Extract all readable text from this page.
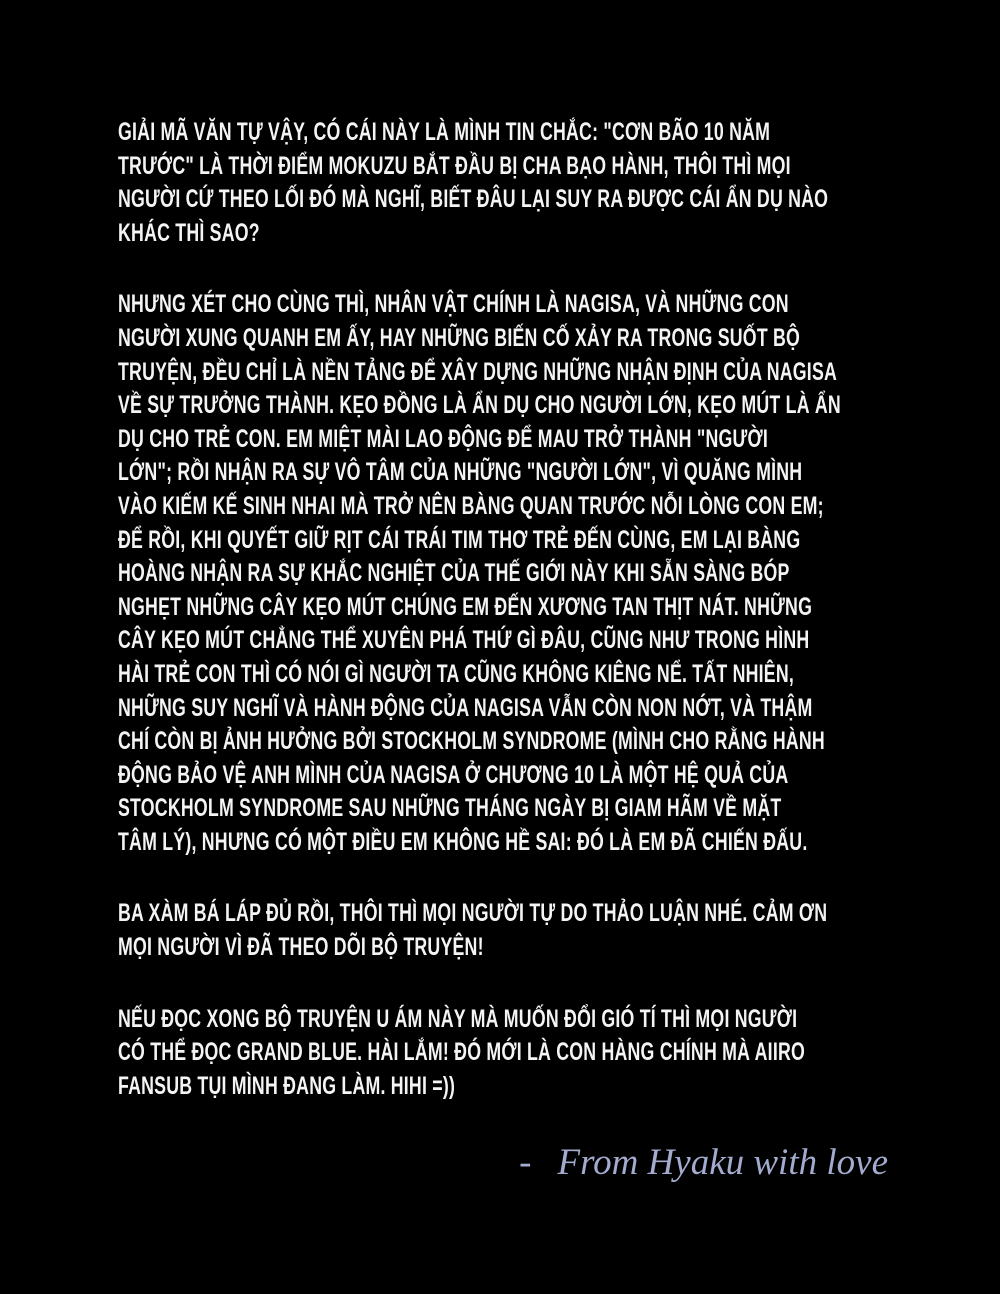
GIẢI MÃ VĂN TỰ VẬY, CÓ CÁI NÀY LÀ MÌNH TIN CHẮC: "CƠN BÃO 10 NĂM
TRƯỚC" LÀ THỜI ĐIỂM MOKUZU BẮT ĐẦU BỊ CHA BẠO HÀNH, THÔI THÌ MỌI
NGƯỜI CỨ THEO LỐI ĐÓ MÀ NGHĨ, BIẾT ĐÂU LẠI SUY RA ĐƯỢC CÁI ẨN DỤ NÀO
KHÁC THÌ SAO?
NHƯNG XÉT CHO CÙNG THÌ, NHÂN VẬT CHÍNH LÀ NAGISA, VÀ NHỮNG CON
NGƯỜI XUNG QUANH EM ẤY, HAY NHỮNG BIẾN CỐ XẢY RA TRONG SUỐT BỘ
TRUYỆN, ĐỀU CHỈ LÀ NỀN TẢNG ĐỂ XÂY DỰNG NHỮNG NHẬN ĐỊNH CỦA NAGISA
VỀ SỰ TRƯỞNG THÀNH. KẸO ĐỒNG LÀ ẨN DỤ CHO NGƯỜI LỚN, KẸO MÚT LÀ ẨN
DỤ CHO TRẺ CON. EM MIỆT MÀI LAO ĐỘNG ĐỂ MAU TRỞ THÀNH "NGƯỜI
LỚN"; RỒI NHẬN RA SỰ VÔ TÂM CỦA NHỮNG "NGƯỜI LỚN", VÌ QUĂNG MÌNH
VÀO KIẾM KẾ SINH NHAI MÀ TRỞ NÊN BÀNG QUAN TRƯỚC NỖI LÒNG CON EM;
ĐỂ RỒI, KHI QUYẾT GIỮ RỊT CÁI TRÁI TIM THƠ TRẺ ĐẾN CÙNG, EM LẠI BÀNG
HOÀNG NHẬN RA SỰ KHẮC NGHIỆT CỦA THẾ GIỚI NÀY KHI SẴN SÀNG BÓP
NGHẸT NHỮNG CÂY KẸO MÚT CHÚNG EM ĐẾN XƯƠNG TAN THỊT NÁT. NHỮNG
CÂY KẸO MÚT CHẲNG THỂ XUYÊN PHÁ THỨ GÌ ĐÂU, CŨNG NHƯ TRONG HÌNH
HÀI TRẺ CON THÌ CÓ NÓI GÌ NGƯỜI TA CŨNG KHÔNG KIÊNG NỂ. TẤT NHIÊN,
NHỮNG SUY NGHĨ VÀ HÀNH ĐỘNG CỦA NAGISA VẪN CÒN NON NỚT, VÀ THẬM
CHÍ CÒN BỊ ẢNH HƯỞNG BỞI STOCKHOLM SYNDROME (MÌNH CHO RẰNG HÀNH
ĐỘNG BẢO VỆ ANH MÌNH CỦA NAGISA Ở CHƯƠNG 10 LÀ MỘT HỆ QUẢ CỦA
STOCKHOLM SYNDROME SAU NHỮNG THÁNG NGÀY BỊ GIAM HÃM VỀ MẶT
TÂM LÝ), NHƯNG CÓ MỘT ĐIỀU EM KHÔNG HỀ SAI: ĐÓ LÀ EM ĐÃ CHIẾN ĐẤU.
BA XÀM BÁ LÁP ĐỦ RỒI, THÔI THÌ MỌI NGƯỜI TỰ DO THẢO LUẬN NHÉ. CẢM ƠN
MỌI NGƯỜI VÌ ĐÃ THEO DÕI BỘ TRUYỆN!
NẾU ĐỌC XONG BỘ TRUYỆN U ÁM NÀY MÀ MUỐN ĐỔI GIÓ TÍ THÌ MỌI NGƯỜI
CÓ THỂ ĐỌC GRAND BLUE. HÀI LẮM! ĐÓ MỚI LÀ CON HÀNG CHÍNH MÀ AIIRO
FANSUB TỤI MÌNH ĐANG LÀM. HIHI =))
- From Hyaku with love
